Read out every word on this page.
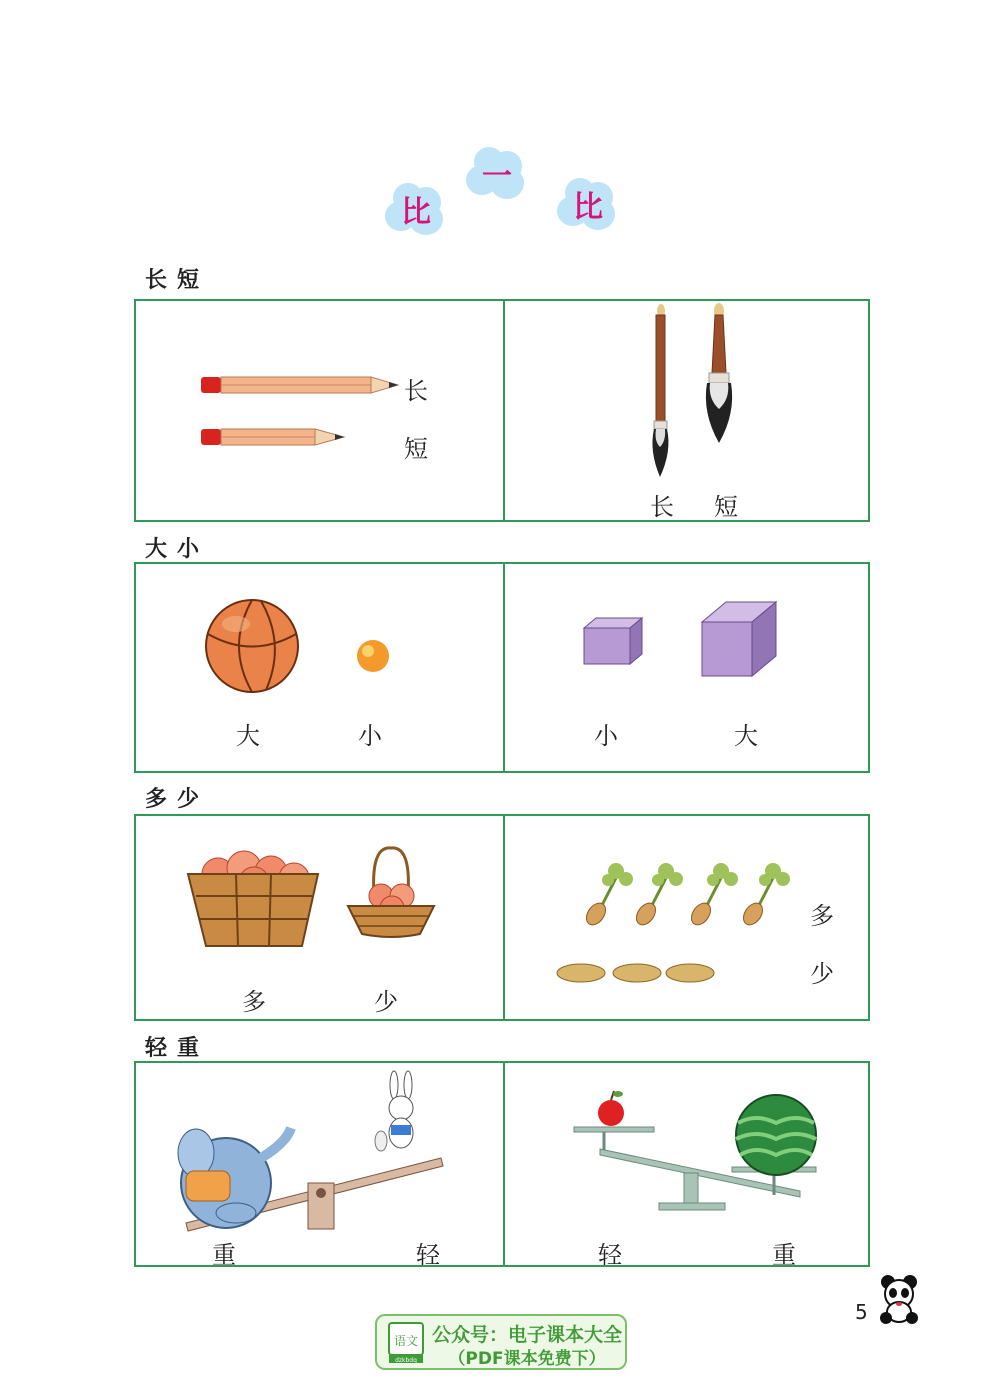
比
一
比
长短
长
短
长 短
大小
大	小	小	大
多少
多	少
多
少
轻重
重	轻	轻	重
5
语文
dzkbdq
公众号：电子课本大全
（PDF课本免费下）
